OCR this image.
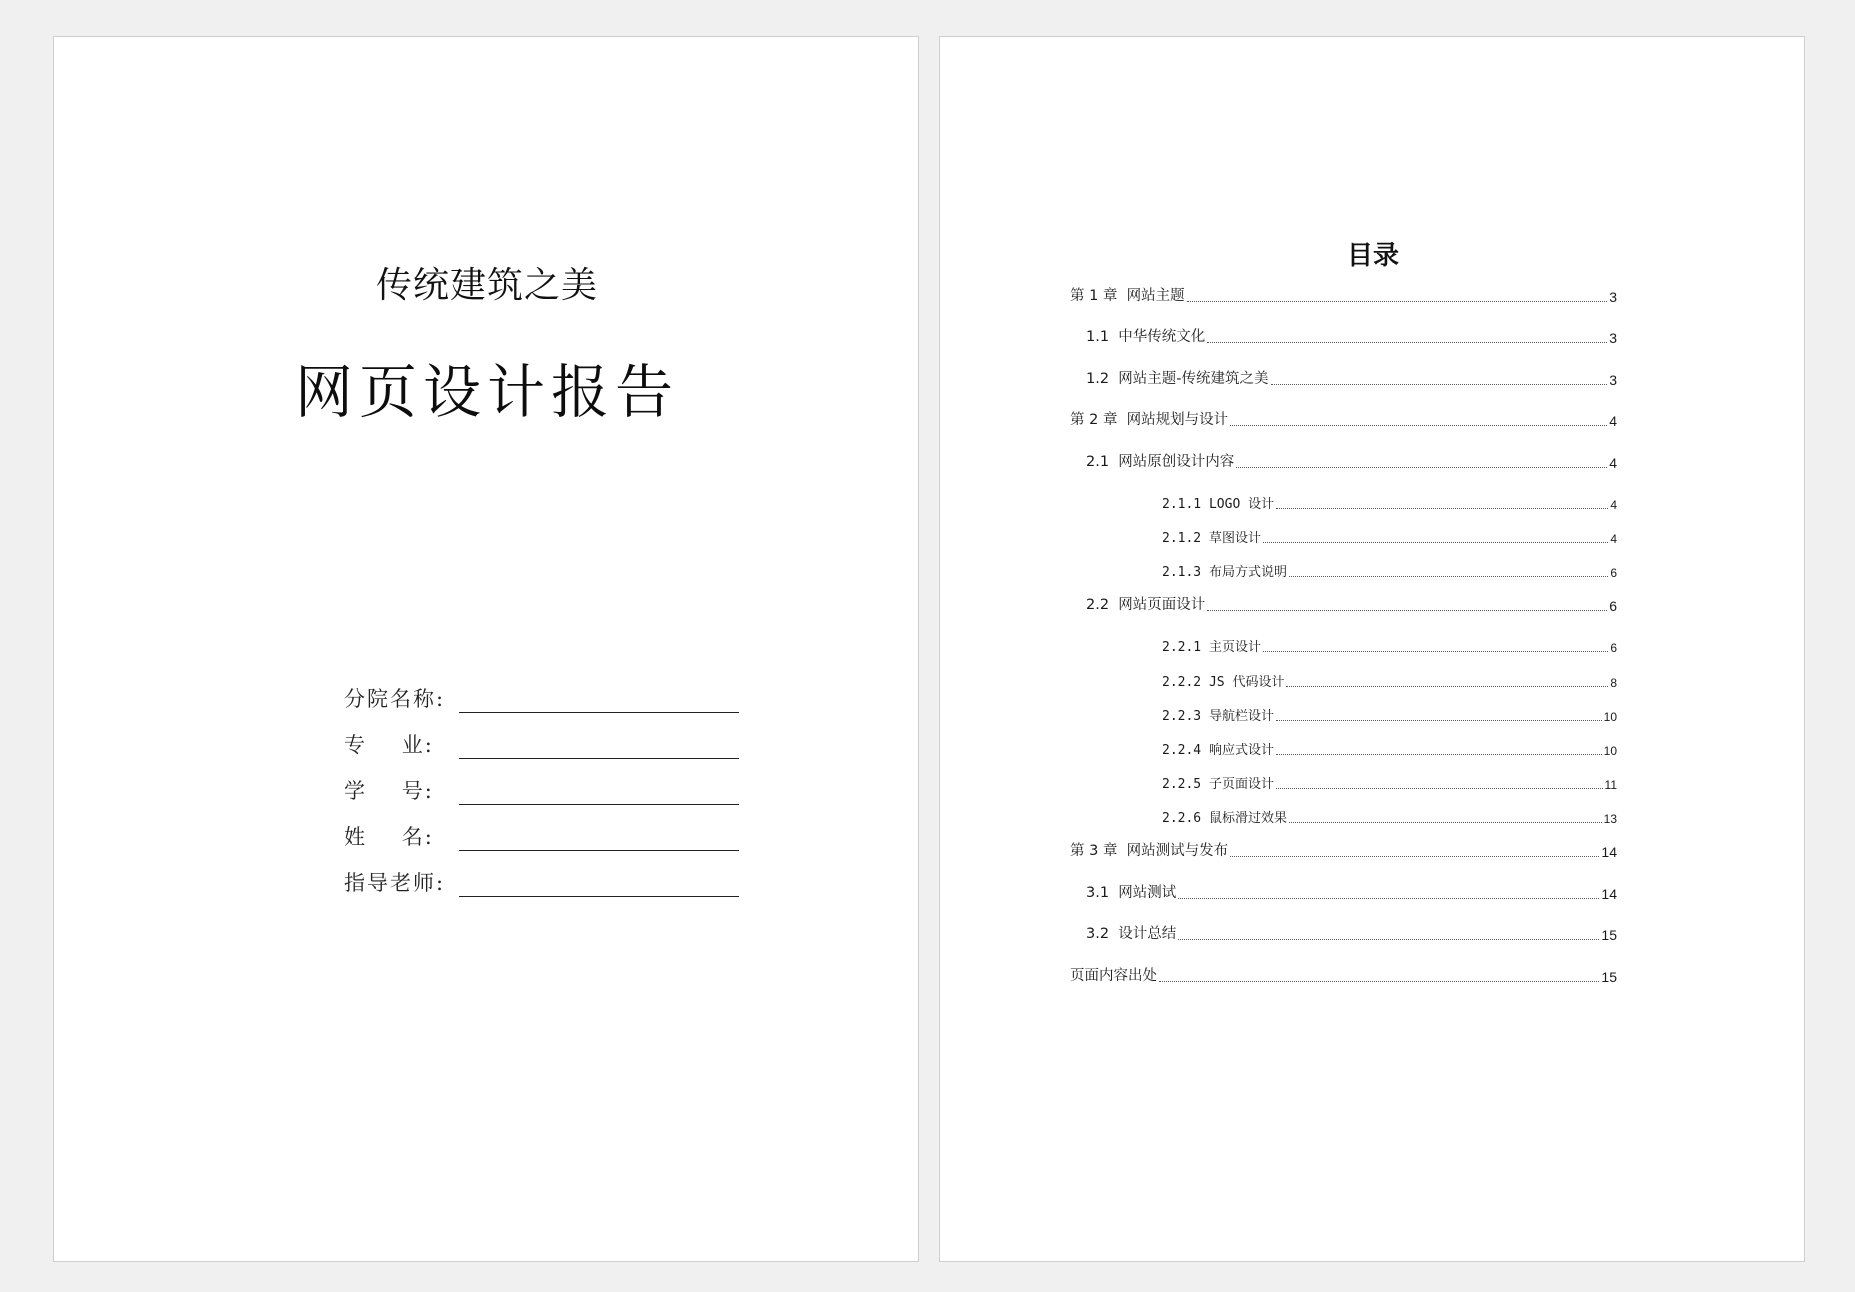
传统建筑之美
网页设计报告
分院名称:
专    业:
学    号:
姓    名:
指导老师:
目录
第 1 章  网站主题	3
1.1  中华传统文化	3
1.2  网站主题-传统建筑之美	3
第 2 章  网站规划与设计	4
2.1  网站原创设计内容	4
2.1.1 LOGO 设计	4
2.1.2 草图设计	4
2.1.3 布局方式说明	6
2.2  网站页面设计	6
2.2.1 主页设计	6
2.2.2 JS 代码设计	8
2.2.3 导航栏设计	10
2.2.4 响应式设计	10
2.2.5 子页面设计	11
2.2.6 鼠标滑过效果	13
第 3 章  网站测试与发布	14
3.1  网站测试	14
3.2  设计总结	15
页面内容出处	15
